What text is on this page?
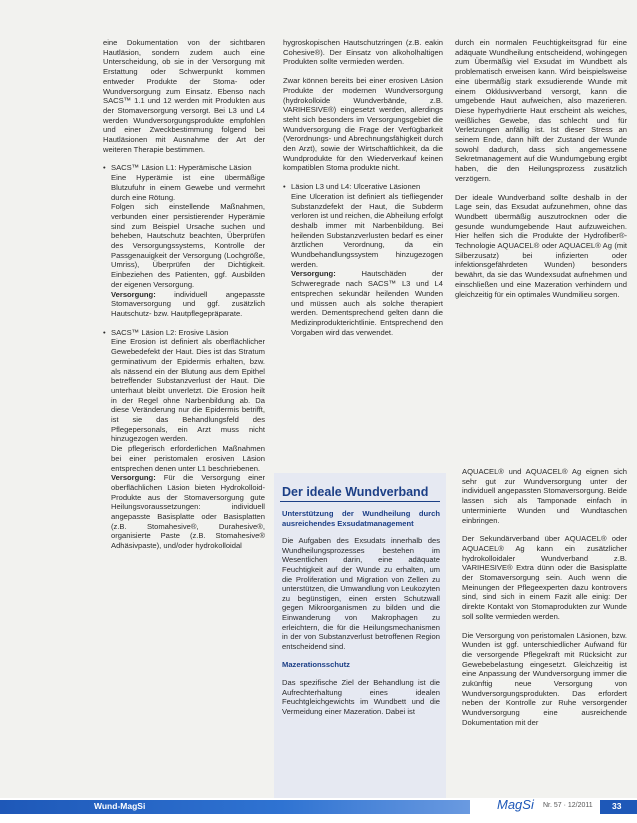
eine Dokumentation von der sichtbaren Hautläsion, sondern zudem auch eine Unterscheidung, ob sie in der Versorgung mit Erstattung oder Schwerpunkt kommen entweder Produkte der Stoma- oder Wundversorgung zum Einsatz. Ebenso nach SACS™ 1.1 und 12 werden mit Produkten aus der Stomaversorgung versorgt. Bei L3 und L4 werden Wundversorgungsprodukte empfohlen und einer Zweckbestimmung folgend bei Hautläsionen mit Ausnahme der Art der weiteren Therapie bestimmen.

• SACS™ Läsion L1: Hyperämische Läsion
Eine Hyperämie ist eine übermäßige Blutzufuhr in einem Gewebe und vermehrt durch eine Rötung.
Folgen sich einstellende Maßnahmen, verbunden einer persistierender Hyperämie sind zum Beispiel Ursache suchen und beheben, Hautschutz beachten, Überprüfen des Versorgungssystems, Kontrolle der Passgenauigkeit der Versorgung (Lochgröße, Umriss), Überprüfen der Dichtigkeit. Einbeziehen des Patienten, ggf. Ausbilden der eigenen Versorgung.
Versorgung: individuell angepasste Stomaversorgung und ggf. zusätzlich Hautschutz- bzw. Hautpflegepräparate.
• SACS™ Läsion L2: Erosive Läsion
Eine Erosion ist definiert als oberflächlicher Gewebedefekt der Haut. Dies ist das Stratum germinativum der Epidermis erhalten, bzw. als nässend ein der Blutung aus dem Epithel betreffender Substanzverlust der Haut. Die unterhaut bleibt unverletzt. Die Erosion heilt in der Regel ohne Narbenbildung ab. Da diese Veränderung nur die Epidermis betrifft, ist sie das Behandlungsfeld des Pflegepersonals, ein Arzt muss nicht hinzugezogen werden.
Die pflegerisch erforderlichen Maßnahmen bei einer peristomalen erosiven Läsion entsprechen denen unter L1 beschriebenen.
Versorgung: Für die Versorgung einer oberflächlichen Läsion bieten Hydrokolloid-Produkte aus der Stomaversorgung gute Heilungsvoraussetzungen: individuell angepasste Basisplatte oder Basisplatten (z.B. Stomahesive®, Durahesive®, organisierte Paste (z.B. Stomahesive® Adhäsivpaste), und/oder hydrokolloidal

hygroskopischen Hautschutzringen (z.B. eakin Cohesive®). Der Einsatz von alkoholhaltigen Produkten sollte vermieden werden.

Zwar können bereits bei einer erosiven Läsion Produkte der modernen Wundversorgung (hydrokolloide Wundverbände, z.B. VARIHESIVE®) eingesetzt werden, allerdings steht sich besonders im Versorgungsgebiet die Wundversorgung die Frage der Verfügbarkeit (Verordnungs- und Abrechnungsfähigkeit durch den Arzt), sowie der Wirtschaftlichkeit, da die Wundprodukte für den Wiederverkauf keinen kompatiblen Stoma produkte nicht.

• Läsion L3 und L4: Ulcerative Läsionen
Eine Ulceration ist definiert als tiefliegender Substanzdefekt der Haut, die Subderm verloren ist und reichen, die Abheilung erfolgt deshalb immer mit Narbenbildung. Bei heilenden Substanzverlusten bedarf es einer ärztlichen Verordnung, da ein Wundbehandlungssystem hinzugezogen werden.
Versorgung:	Hautschäden der Schweregrade nach SACS™ L3 und L4 entsprechen sekundär heilenden Wunden und müssen auch als solche therapiert werden. Dementsprechend gelten dann die Medizinprodukterichtlinie. Entsprechend den Vorgaben wird das verwendet.

durch ein normalen Feuchtigkeitsgrad für eine adäquate Wundheilung entscheidend, wohingegen zum Übermäßig viel Exsudat im Wundbett als problematisch erweisen kann. Wird beispielsweise eine übermäßig stark exsudierende Wunde mit einem Okklusivverband versorgt, kann die umgebende Haut aufweichen, also mazerieren. Diese hyperhydrierte Haut erscheint als weiches, weißliches Gewebe, das schlecht und für Verletzungen anfällig ist. Ist dieser Stress an seinem Ende, dann hilft der Zustand der Wunde sowohl dadurch, dass sich angemessene Sekretmanagement auf die Wundumgebung ergibt haben, die den Heilungsprozess zusätzlich verzögern.

Der ideale Wundverband sollte deshalb in der Lage sein, das Exsudat aufzunehmen, ohne das Wundbett übermäßig auszutrocknen oder die gesunde wundumgebende Haut aufzuweichen. Hier helfen sich die Produkte der Hydrofiber®-Technologie AQUACEL® oder AQUACEL® Ag (mit Silberzusatz) bei infizierten oder infektionsgefährdeten Wunden) besonders bewährt, da sie das Wundexsudat aufnehmen und einschließen und eine Mazeration verhindern und gleichzeitig für ein optimales Wundmilieu sorgen.

AQUACEL® und AQUACEL® Ag eignen sich sehr gut zur Wundversorgung unter der individuell angepassten Stomaversorgung. Beide lassen sich als Tamponade einfach in unterminierte Wunden und Wundtaschen einbringen.

Der Sekundärverband über AQUACEL® oder AQUACEL® Ag kann ein zusätzlicher hydrokolloidaler Wundverband z.B. VARIHESIVE® Extra dünn oder die Basisplatte der Stomaversorgung sein. Auch wenn die Meinungen der Pflegeexperten dazu kontrovers sind, sind sich in einem Fazit alle einig: Der direkte Kontakt von Stomaprodukten zur Wunde soll sollte vermieden werden.

Die Versorgung von peristomalen Läsionen, bzw. Wunden ist ggf. unterschiedlicher Aufwand für die versorgende Pflegekraft mit Rücksicht zur Gewebebelastung eingesetzt. Gleichzeitig ist eine Anpassung der Wundversorgung immer die zukünftig neue Versorgung von Wundversorgungsprodukten. Das erfordert neben der Kontrolle zur Ruhe versorgender Wundversorgung eine ausreichende Dokumentation mit der

Der ideale Wundverband

Unterstützung der Wundheilung durch ausreichendes Exsudatmanagement

Die Aufgaben des Exsudats innerhalb des Wundheilungsprozesses bestehen im Wesentlichen darin, eine adäquate Feuchtigkeit auf der Wunde zu erhalten, um die Proliferation und Migration von Zellen zu unterstützen, die Umwandlung von Leukozyten zu begünstigen, einen ersten Schutzwall gegen Mikroorganismen zu bilden und die Einwanderung von Makrophagen zu erleichtern, die für die Heilungsmechanismen in der von Substanzverlust betroffenen Region entscheidend sind.

Mazerationsschutz

Das spezifische Ziel der Behandlung ist die Aufrechterhaltung eines idealen Feuchtgleichgewichts im Wundbett und die Vermeidung einer Mazeration. Dabei ist

Wund-MagSi	MagSi Nr. 57 · 12/2011 33
